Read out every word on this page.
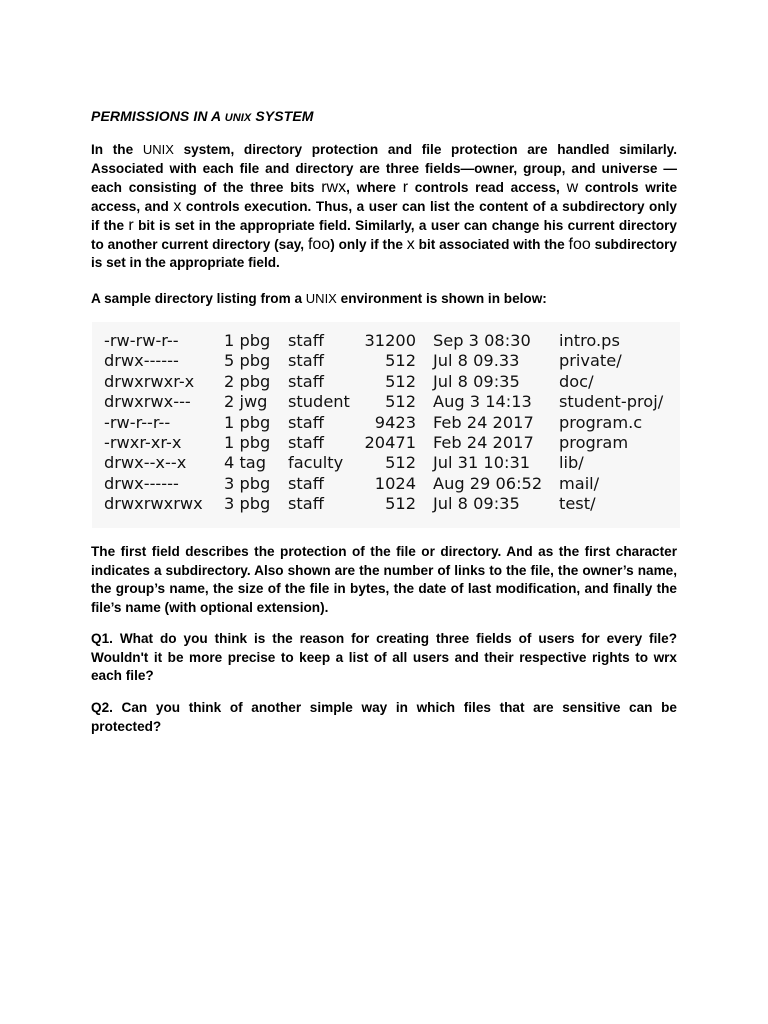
PERMISSIONS IN A UNIX SYSTEM
In the UNIX system, directory protection and file protection are handled similarly. Associated with each file and directory are three fields—owner, group, and universe — each consisting of the three bits rwx, where r controls read access, w controls write access, and x controls execution. Thus, a user can list the content of a subdirectory only if the r bit is set in the appropriate field. Similarly, a user can change his current directory to another current directory (say, foo) only if the x bit associated with the foo subdirectory is set in the appropriate field.
A sample directory listing from a UNIX environment is shown in below:
-rw-rw-r--	1 pbg staff	31200 Sep 3 08:30 intro.ps
drwx------	5 pbg staff	512 Jul 8 09.33 private/
drwxrwxr-x 2 pbg staff	512 Jul 8 09:35 doc/
drwxrwx--- 2 jwg student	512 Aug 3 14:13 student-proj/
-rw-r--r--	1 pbg staff	9423 Feb 24 2017 program.c
-rwxr-xr-x	1 pbg staff	20471 Feb 24 2017 program
drwx--x--x 4 tag faculty	512 Jul 31 10:31 lib/
drwx------	3 pbg staff	1024 Aug 29 06:52 mail/
drwxrwxrwx 3 pbg staff	512 Jul 8 09:35 test/
The first field describes the protection of the file or directory. And as the first character indicates a subdirectory. Also shown are the number of links to the file, the owner’s name, the group’s name, the size of the file in bytes, the date of last modification, and finally the file’s name (with optional extension).
Q1. What do you think is the reason for creating three fields of users for every file? Wouldn't it be more precise to keep a list of all users and their respective rights to wrx each file?
Q2. Can you think of another simple way in which files that are sensitive can be protected?
